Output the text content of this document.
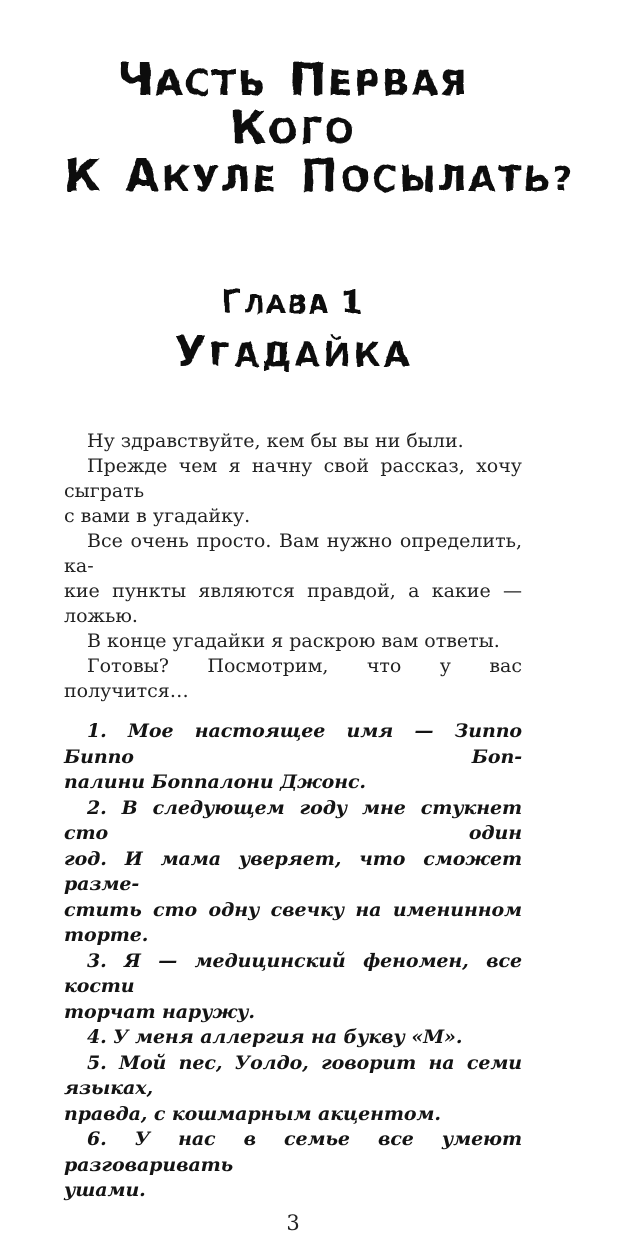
ЧАСТЬ ПЕРВАЯ
КОГО
К АКУЛЕ ПОСЫЛАТЬ?
ГЛАВА 1
УГАДАЙКА

Ну здравствуйте, кем бы вы ни были.

Прежде чем я начну свой рассказ, хочу сыграть
с вами в угадайку.

Все очень просто. Вам нужно определить, ка-
кие пункты являются правдой, а какие — ложью.

В конце угадайки я раскрою вам ответы.

Готовы? Посмотрим, что у вас получится…

1. Мое настоящее имя — Зиппо Биппо Боп-
палини Боппалони Джонс.

2. В следующем году мне стукнет сто один
год. И мама уверяет, что сможет разме-
стить сто одну свечку на именинном торте.

3. Я — медицинский феномен, все кости
торчат наружу.

4. У меня аллергия на букву «М».

5. Мой пес, Уолдо, говорит на семи языках,
правда, с кошмарным акцентом.

6. У нас в семье все умеют разговаривать
ушами.

3
